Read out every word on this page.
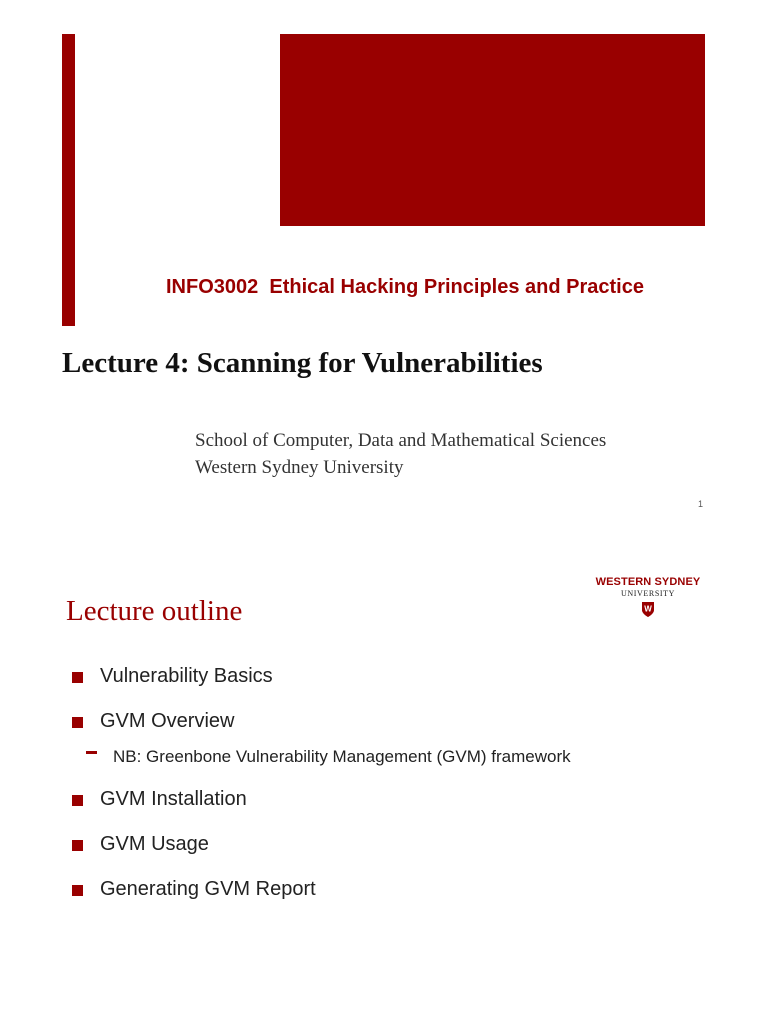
INFO3002  Ethical Hacking Principles and Practice
Lecture 4: Scanning for Vulnerabilities
School of Computer, Data and Mathematical Sciences
Western Sydney University
1
WESTERN SYDNEY
UNIVERSITY
W
Lecture outline
Vulnerability Basics
GVM Overview
NB: Greenbone Vulnerability Management (GVM) framework
GVM Installation
GVM Usage
Generating GVM Report
